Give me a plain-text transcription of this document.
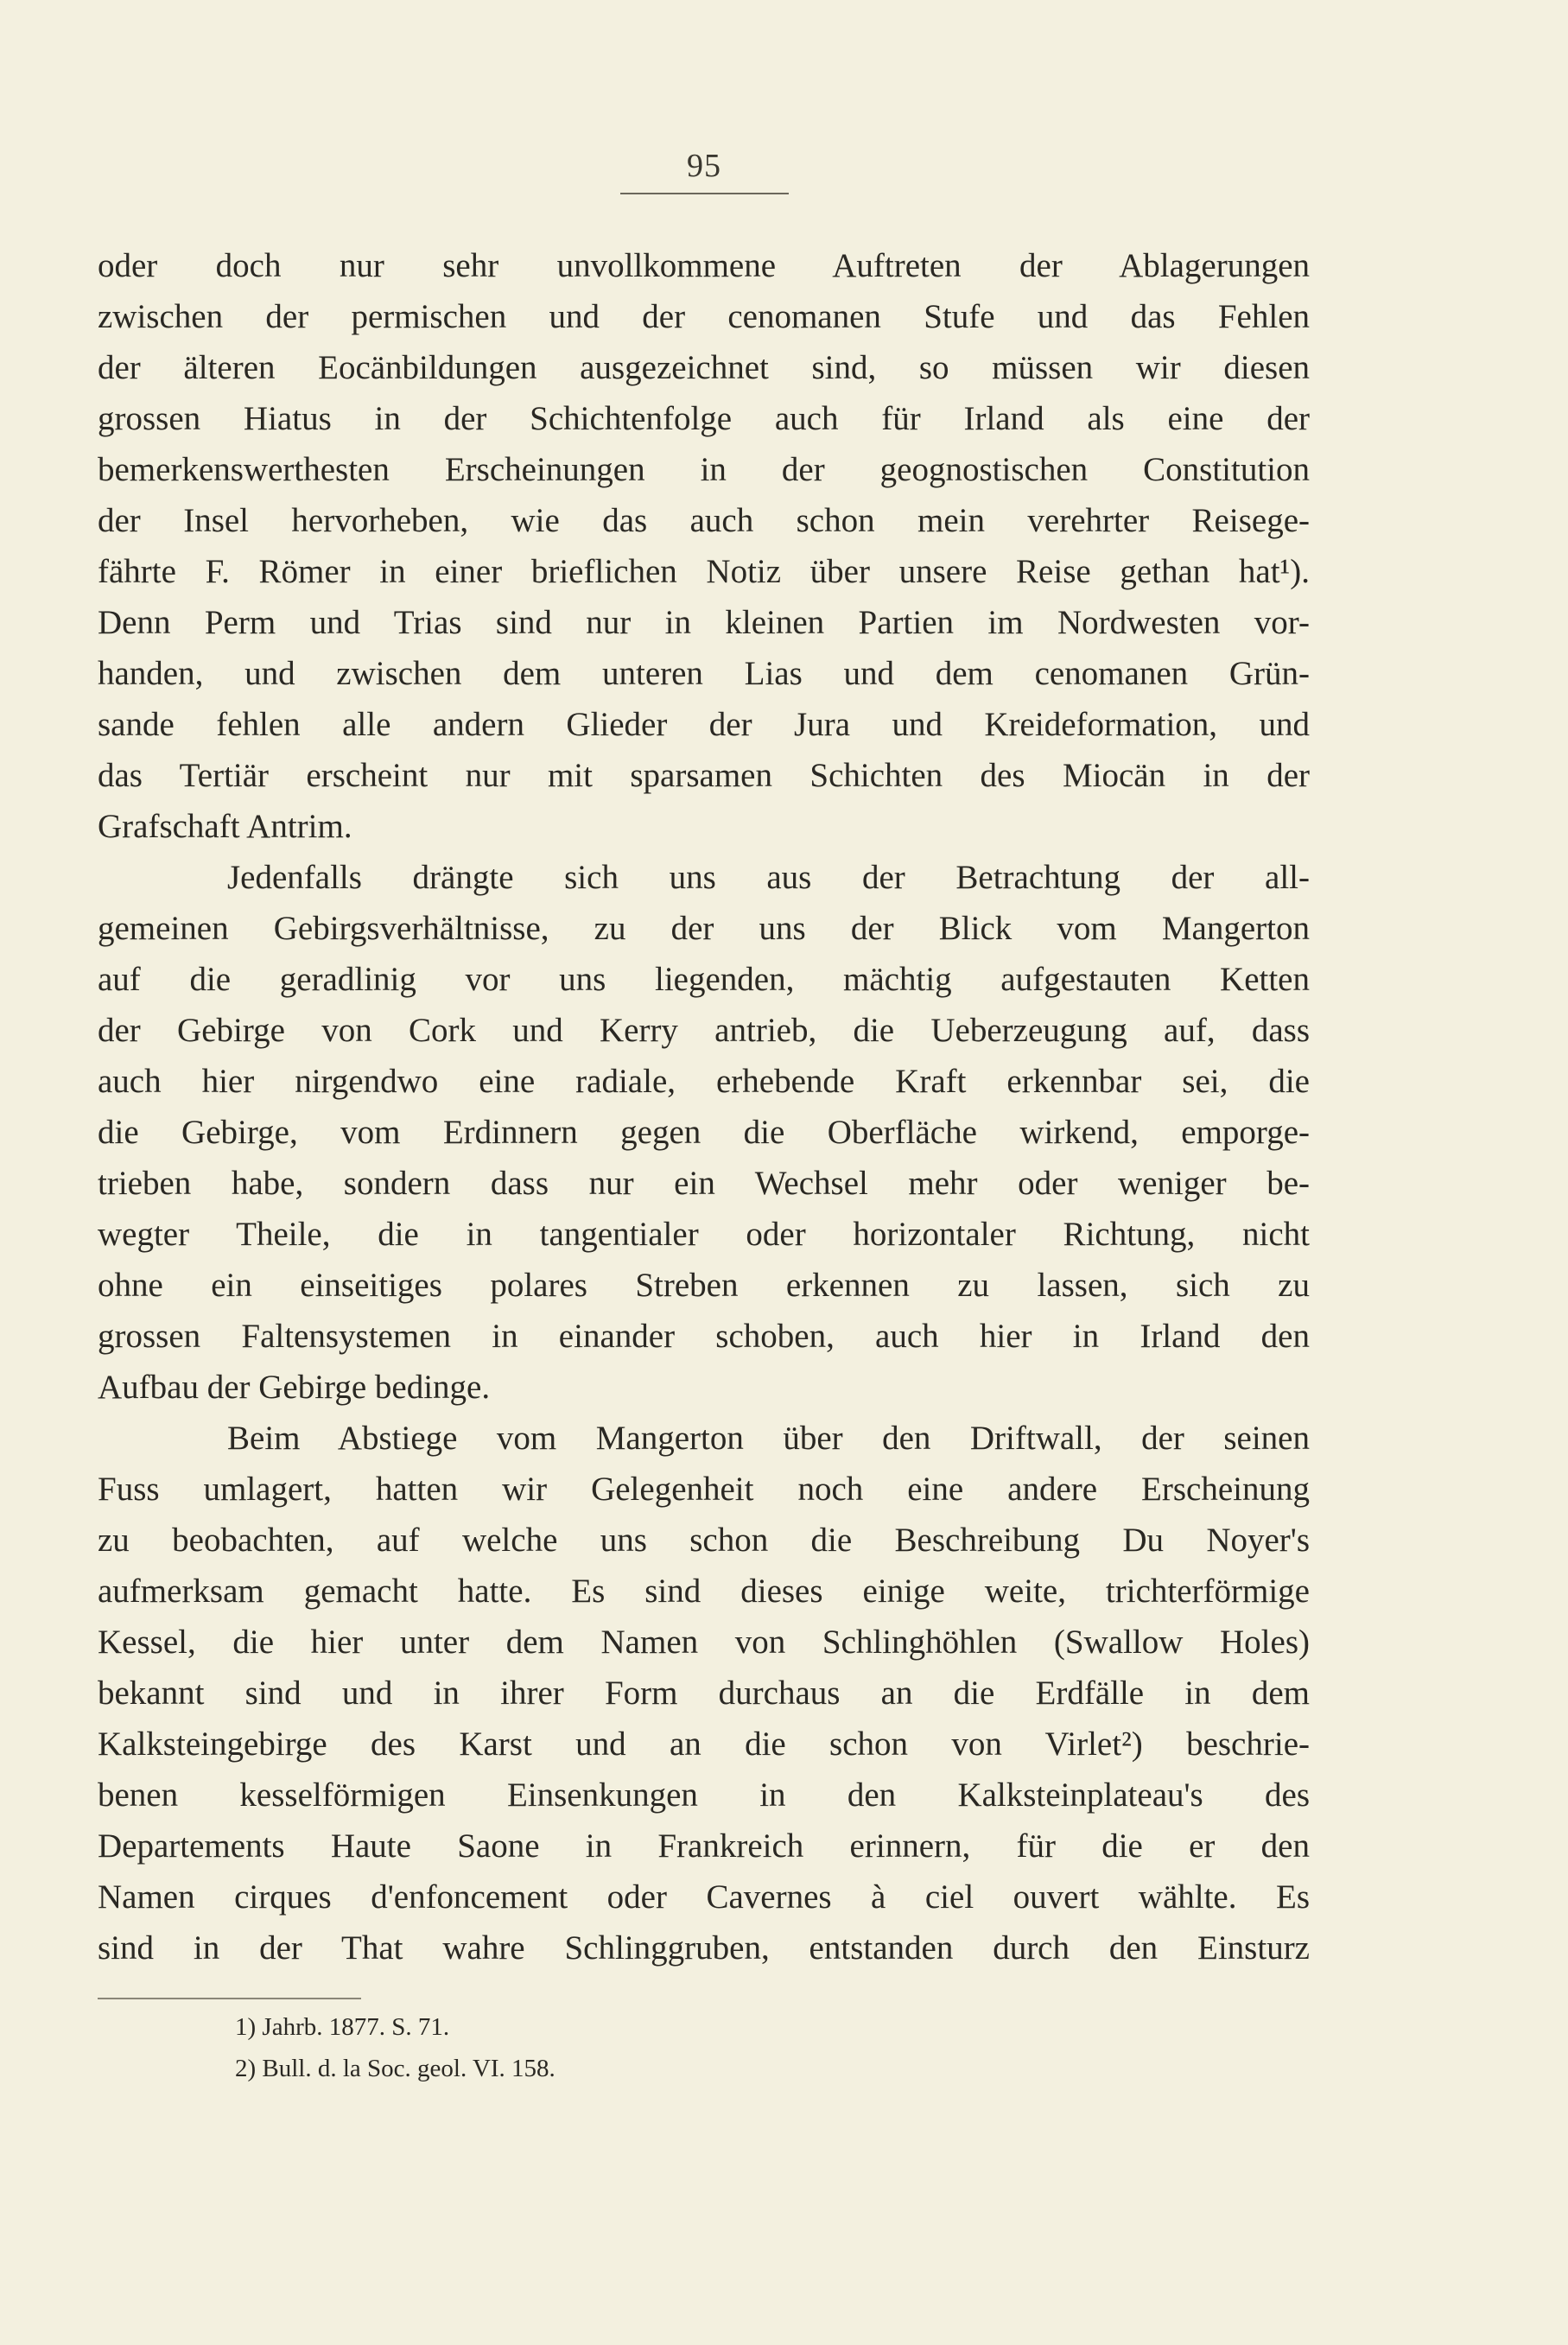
95
oder doch nur sehr unvollkommene Auftreten der Ablagerungen
zwischen der permischen und der cenomanen Stufe und das Fehlen
der älteren Eocänbildungen ausgezeichnet sind, so müssen wir diesen
grossen Hiatus in der Schichtenfolge auch für Irland als eine der
bemerkenswerthesten Erscheinungen in der geognostischen Constitution
der Insel hervorheben, wie das auch schon mein verehrter Reisege-
fährte F. Römer in einer brieflichen Notiz über unsere Reise gethan hat¹).
Denn Perm und Trias sind nur in kleinen Partien im Nordwesten vor-
handen, und zwischen dem unteren Lias und dem cenomanen Grün-
sande fehlen alle andern Glieder der Jura und Kreideformation, und
das Tertiär erscheint nur mit sparsamen Schichten des Miocän in der
Grafschaft Antrim.
Jedenfalls drängte sich uns aus der Betrachtung der all-
gemeinen Gebirgsverhältnisse, zu der uns der Blick vom Mangerton
auf die geradlinig vor uns liegenden, mächtig aufgestauten Ketten
der Gebirge von Cork und Kerry antrieb, die Ueberzeugung auf, dass
auch hier nirgendwo eine radiale, erhebende Kraft erkennbar sei, die
die Gebirge, vom Erdinnern gegen die Oberfläche wirkend, emporge-
trieben habe, sondern dass nur ein Wechsel mehr oder weniger be-
wegter Theile, die in tangentialer oder horizontaler Richtung, nicht
ohne ein einseitiges polares Streben erkennen zu lassen, sich zu
grossen Faltensystemen in einander schoben, auch hier in Irland den
Aufbau der Gebirge bedinge.
Beim Abstiege vom Mangerton über den Driftwall, der seinen
Fuss umlagert, hatten wir Gelegenheit noch eine andere Erscheinung
zu beobachten, auf welche uns schon die Beschreibung Du Noyer's
aufmerksam gemacht hatte. Es sind dieses einige weite, trichterförmige
Kessel, die hier unter dem Namen von Schlinghöhlen (Swallow Holes)
bekannt sind und in ihrer Form durchaus an die Erdfälle in dem
Kalksteingebirge des Karst und an die schon von Virlet²) beschrie-
benen kesselförmigen Einsenkungen in den Kalksteinplateau's des
Departements Haute Saone in Frankreich erinnern, für die er den
Namen cirques d'enfoncement oder Cavernes à ciel ouvert wählte. Es
sind in der That wahre Schlinggruben, entstanden durch den Einsturz
1) Jahrb. 1877. S. 71.
2) Bull. d. la Soc. geol. VI. 158.
